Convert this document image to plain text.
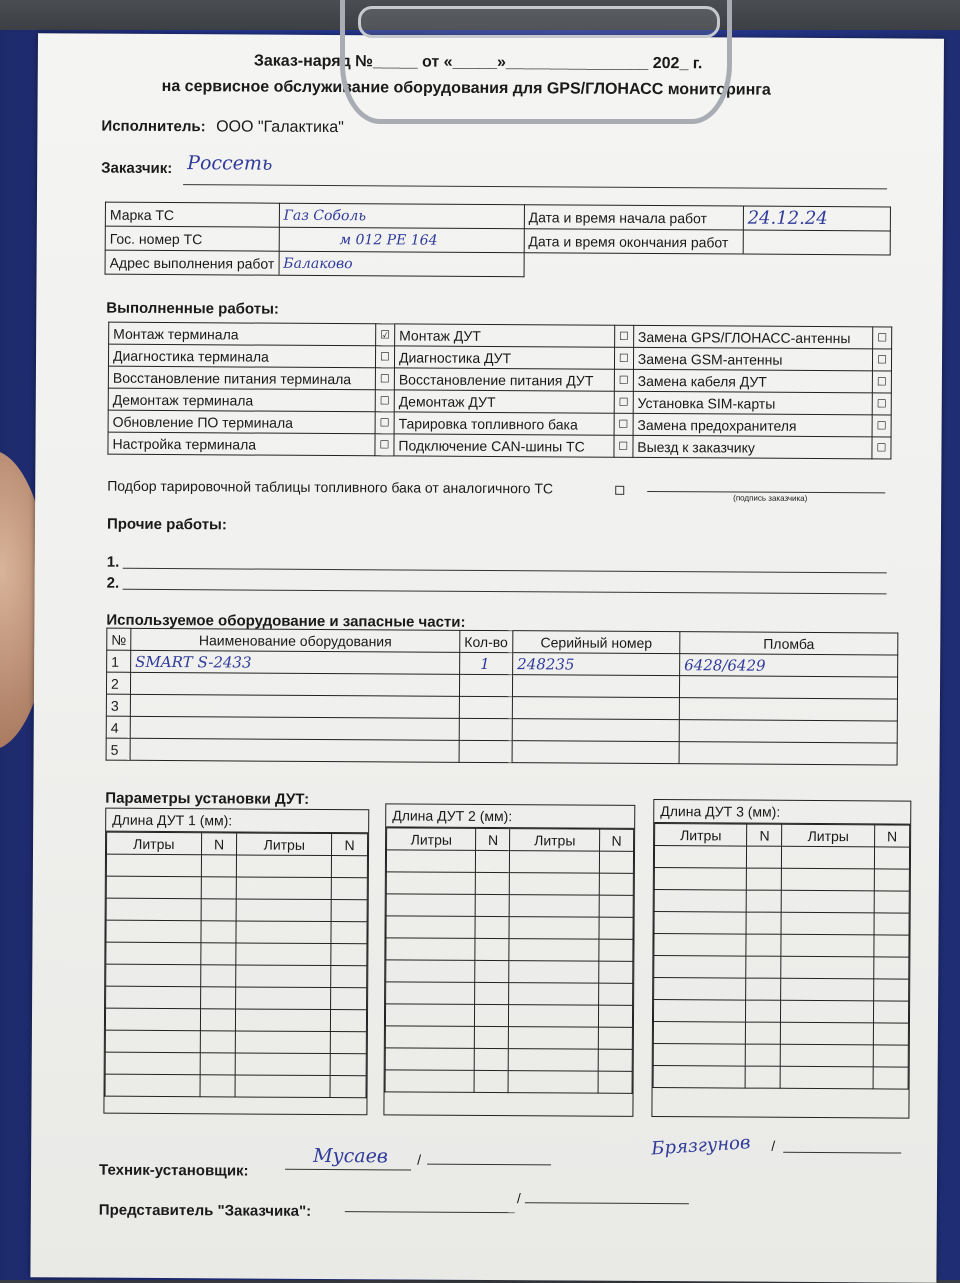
Заказ-наряд №_____ от «_____»________________ 202_ г.
на сервисное обслуживание оборудования для GPS/ГЛОНАСС мониторинга
Исполнитель: ООО "Галактика"
Заказчик: Россеть
Марка ТС	Газ Соболь	Дата и время начала работ	24.12.24
Гос. номер ТС	м 012 РЕ 164	Дата и время окончания работ	
Адрес выполнения работ	Балаково		
Выполненные работы:
Монтаж терминала	☑	Монтаж ДУТ	☐	Замена GPS/ГЛОНАСС-антенны	☐
Диагностика терминала	☐	Диагностика ДУТ	☐	Замена GSM-антенны	☐
Восстановление питания терминала	☐	Восстановление питания ДУТ	☐	Замена кабеля ДУТ	☐
Демонтаж терминала	☐	Демонтаж ДУТ	☐	Установка SIM-карты	☐
Обновление ПО терминала	☐	Тарировка топливного бака	☐	Замена предохранителя	☐
Настройка терминала	☐	Подключение CAN-шины ТС	☐	Выезд к заказчику	☐
Подбор тарировочной таблицы топливного бака от аналогичного ТС
(подпись заказчика)
Прочие работы:
1.
2.
Используемое оборудование и запасные части:
№	Наименование оборудования	Кол-во	Серийный номер	Пломба
1	SMART S-2433	1	248235	6428/6429
2				
3				
4				
5				
Параметры установки ДУТ:
Длина ДУТ 1 (мм):
Литры	N	Литры	N

Длина ДУТ 2 (мм):
Литры	N	Литры	N

Длина ДУТ 3 (мм):
Литры	N	Литры	N

Техник-установщик:
Мусаев /
Брязгунов /
Представитель "Заказчика":
/
